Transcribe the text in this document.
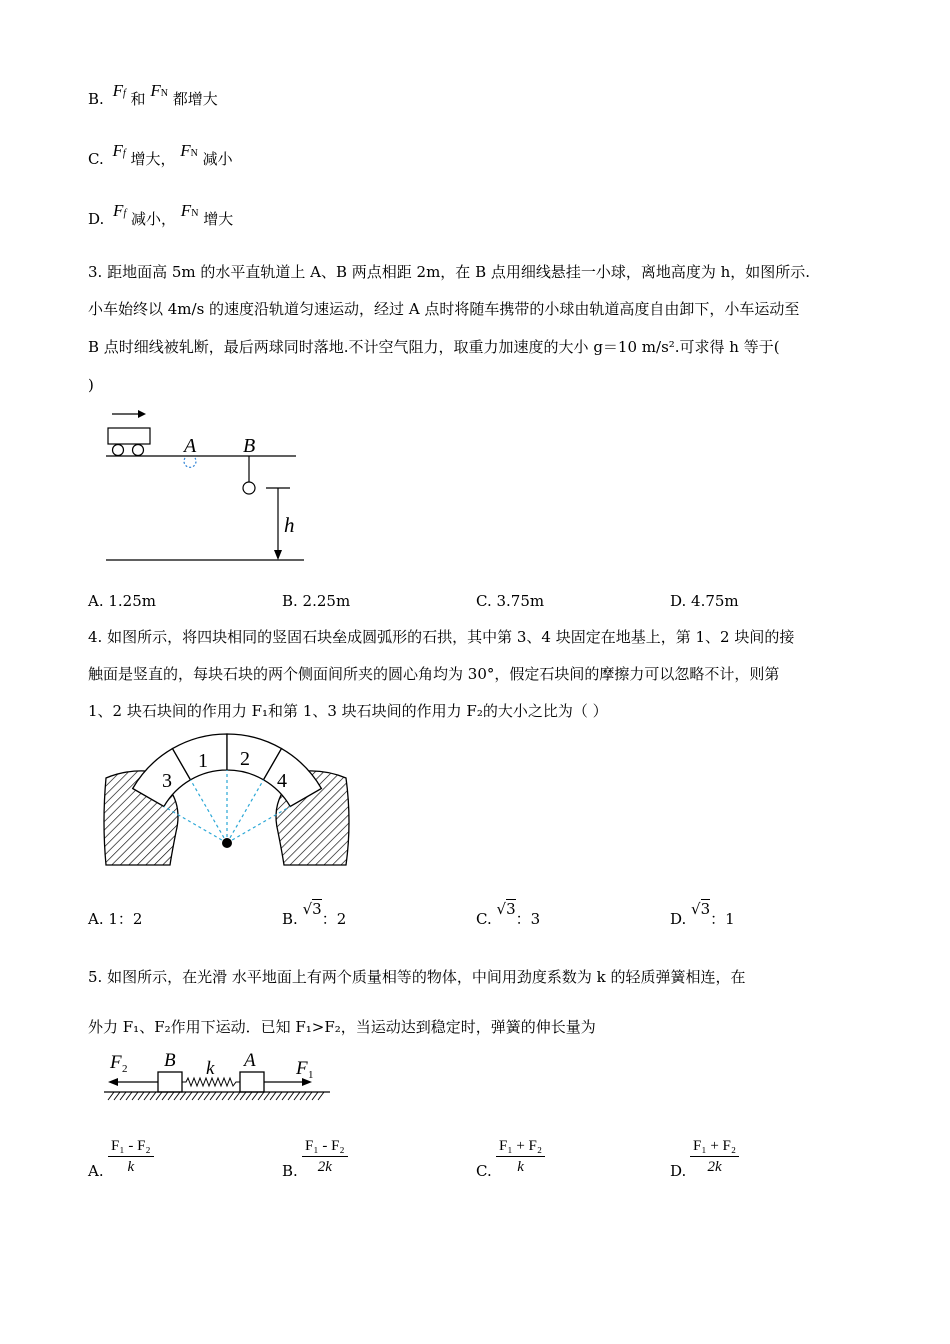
B. Ff 和 FN 都增大
C. Ff 增大， FN 减小
D. Ff 减小， FN 增大
3. 距地面高 5m 的水平直轨道上 A、B 两点相距 2m，在 B 点用细线悬挂一小球，离地高度为 h，如图所示.
小车始终以 4m/s 的速度沿轨道匀速运动，经过 A 点时将随车携带的小球由轨道高度自由卸下，小车运动至
B 点时细线被轧断，最后两球同时落地.不计空气阻力，取重力加速度的大小 g＝10 m/s².可求得 h 等于(
)
A B
h
A. 1.25m	B. 2.25m	C. 3.75m	D. 4.75m
4. 如图所示，将四块相同的竖固石块垒成圆弧形的石拱，其中第 3、4 块固定在地基上，第 1、2 块间的接
触面是竖直的，每块石块的两个侧面间所夹的圆心角均为 30°，假定石块间的摩擦力可以忽略不计，则第
1、2 块石块间的作用力 F₁和第 1、3 块石块间的作用力 F₂的大小之比为（ ）
3
1 2
4
A. 1：2	B. √3：2	C. √3：3	D. √3：1
5. 如图所示，在光滑 水平地面上有两个质量相等的物体，中间用劲度系数为 k 的轻质弹簧相连，在
外力 F₁、F₂作用下运动．已知 F₁>F₂，当运动达到稳定时，弹簧的伸长量为
F 2 B k A F 1
A. $\frac{\text{F₁ - F₂}}{k}$	B. $\frac{\text{F₁ - F₂}}{2k}$	C. $\frac{\text{F₁ + F₂}}{k}$	D. $\frac{\text{F₁ + F₂}}{2k}$
